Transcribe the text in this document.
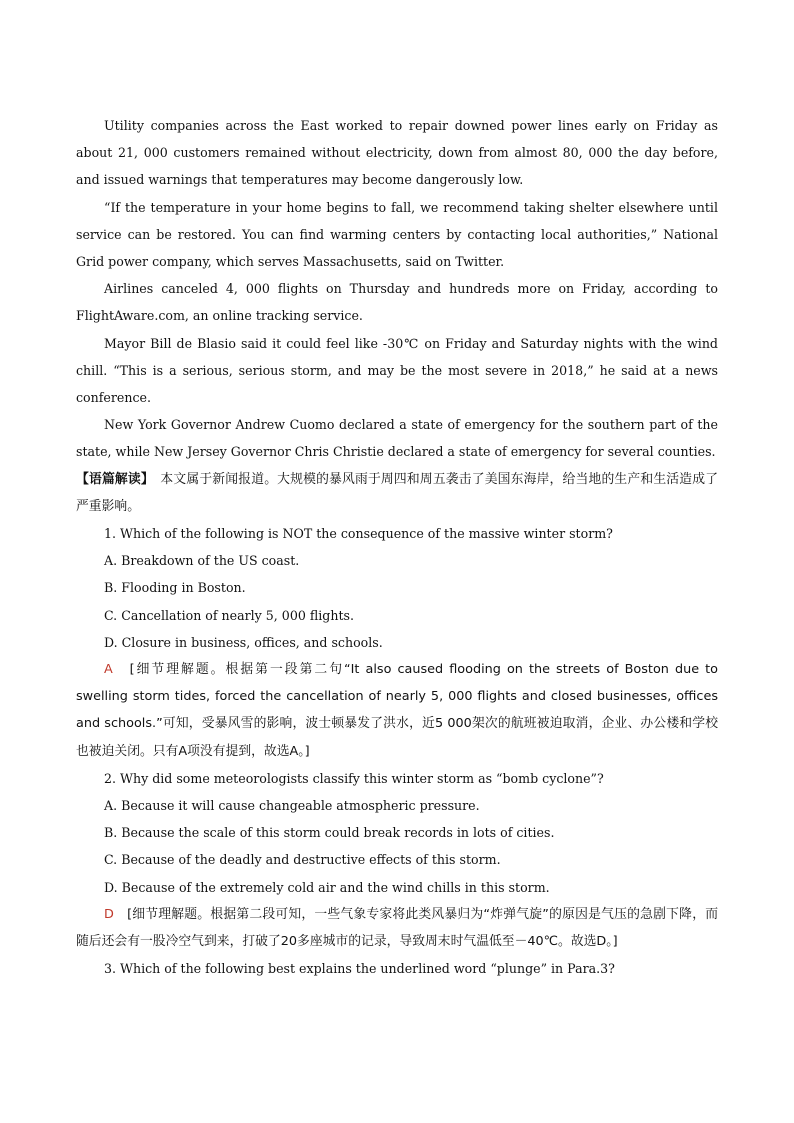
Utility companies across the East worked to repair downed power lines early on Friday as about 21, 000 customers remained without electricity, down from almost 80, 000 the day before, and issued warnings that temperatures may become dangerously low.

“If the temperature in your home begins to fall, we recommend taking shelter elsewhere until service can be restored. You can find warming centers by contacting local authorities,” National Grid power company, which serves Massachusetts, said on Twitter.

Airlines canceled 4, 000 flights on Thursday and hundreds more on Friday, according to FlightAware.com, an online tracking service.

Mayor Bill de Blasio said it could feel like -30℃ on Friday and Saturday nights with the wind chill. “This is a serious, serious storm, and may be the most severe in 2018,” he said at a news conference.

New York Governor Andrew Cuomo declared a state of emergency for the southern part of the state, while New Jersey Governor Chris Christie declared a state of emergency for several counties.

【语篇解读】　 本文属于新闻报道。大规模的暴风雨于周四和周五袭击了美国东海岸，给当地的生产和生活造成了严重影响。

1. Which of the following is NOT the consequence of the massive winter storm?

A. Breakdown of the US coast.

B. Flooding in Boston.

C. Cancellation of nearly 5, 000 flights.

D. Closure in business, offices, and schools.

A　 [细节理解题。根据第一段第二句“It also caused flooding on the streets of Boston due to swelling storm tides, forced the cancellation of nearly 5, 000 flights and closed businesses, offices and schools.”可知，受暴风雪的影响，波士顿暴发了洪水，近5 000架次的航班被迫取消，企业、办公楼和学校也被迫关闭。只有A项没有提到，故选A。]

2. Why did some meteorologists classify this winter storm as “bomb cyclone”?

A. Because it will cause changeable atmospheric pressure.

B. Because the scale of this storm could break records in lots of cities.

C. Because of the deadly and destructive effects of this storm.

D. Because of the extremely cold air and the wind chills in this storm.

D　 [细节理解题。根据第二段可知，一些气象专家将此类风暴归为“炸弹气旋”的原因是气压的急剧下降，而随后还会有一股冷空气到来，打破了20多座城市的记录，导致周末时气温低至－40℃。故选D。]

3. Which of the following best explains the underlined word “plunge” in Para.3?
